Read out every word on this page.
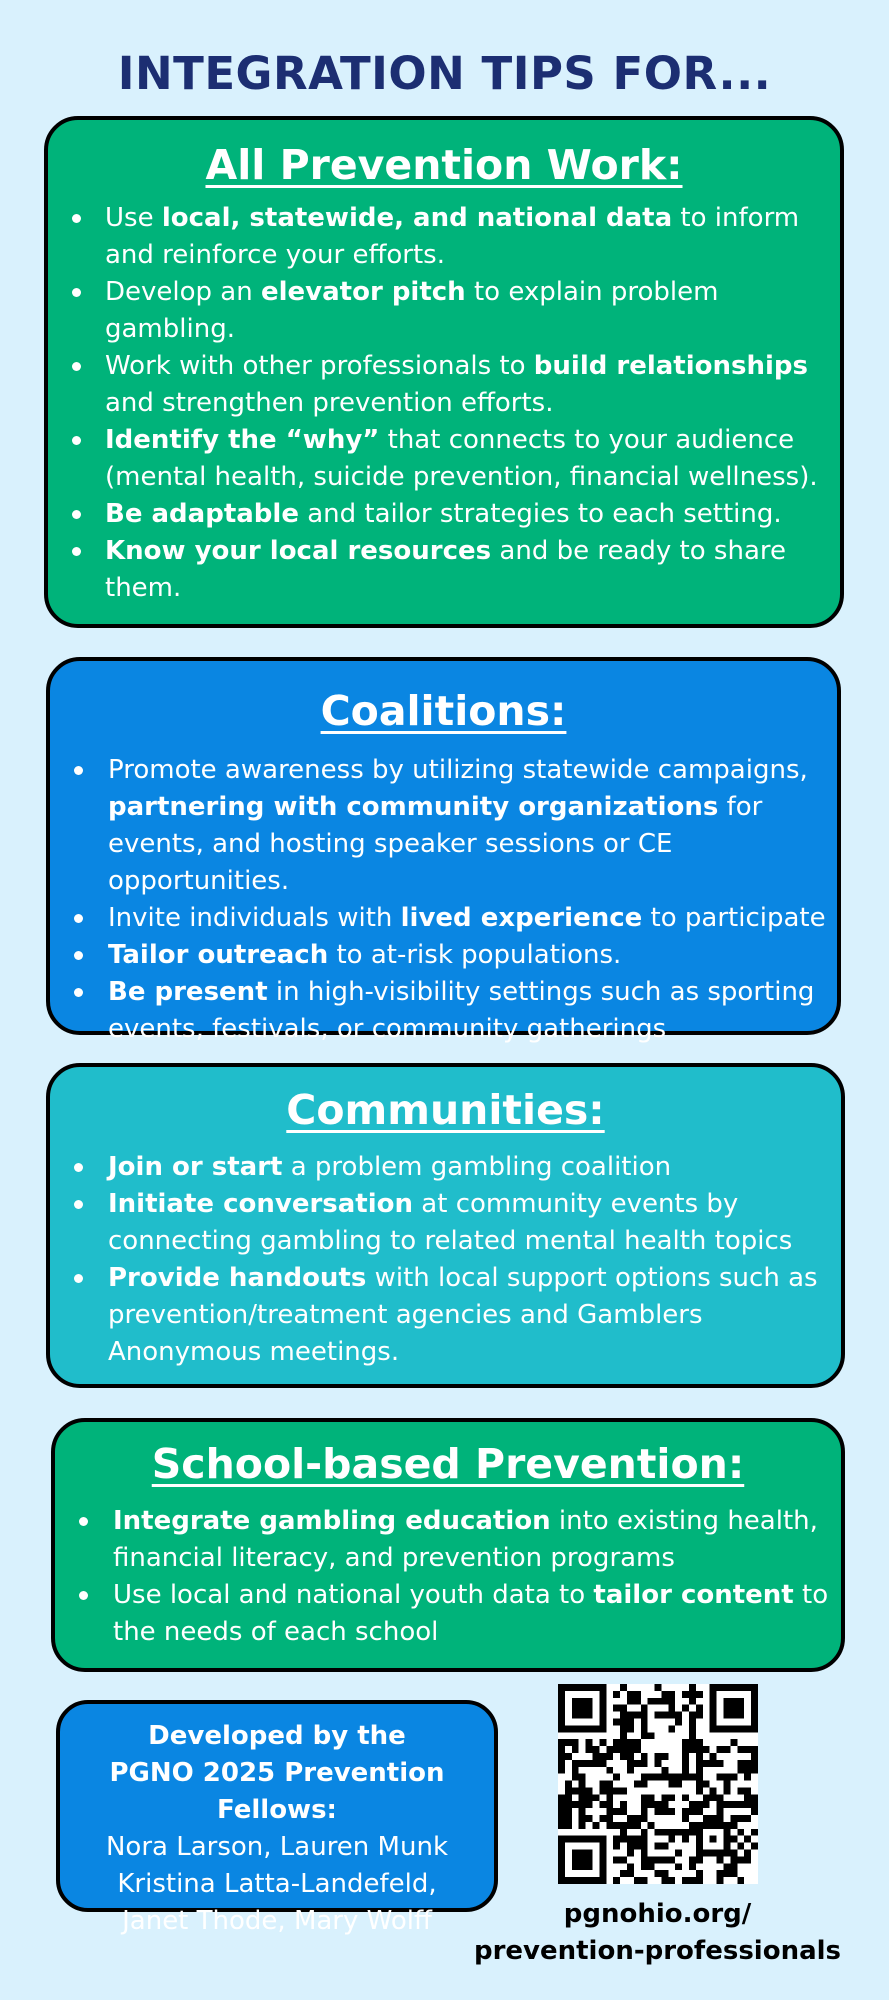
INTEGRATION TIPS FOR...
All Prevention Work:
Use local, statewide, and national data to inform and reinforce your efforts.
Develop an elevator pitch to explain problem gambling.
Work with other professionals to build relationships and strengthen prevention efforts.
Identify the “why” that connects to your audience (mental health, suicide prevention, financial wellness).
Be adaptable and tailor strategies to each setting.
Know your local resources and be ready to share them.
Coalitions:
Promote awareness by utilizing statewide campaigns, partnering with community organizations for events, and hosting speaker sessions or CE opportunities.
Invite individuals with lived experience to participate
Tailor outreach to at-risk populations.
Be present in high-visibility settings such as sporting events, festivals, or community gatherings
Communities:
Join or start a problem gambling coalition
Initiate conversation at community events by connecting gambling to related mental health topics
Provide handouts with local support options such as prevention/treatment agencies and Gamblers Anonymous meetings.
School-based Prevention:
Integrate gambling education into existing health, financial literacy, and prevention programs
Use local and national youth data to tailor content to the needs of each school
Developed by the
PGNO 2025 Prevention Fellows:
Nora Larson, Lauren Munk
Kristina Latta-Landefeld,
Janet Thode, Mary Wolff	pgnohio.org/
prevention-professionals
